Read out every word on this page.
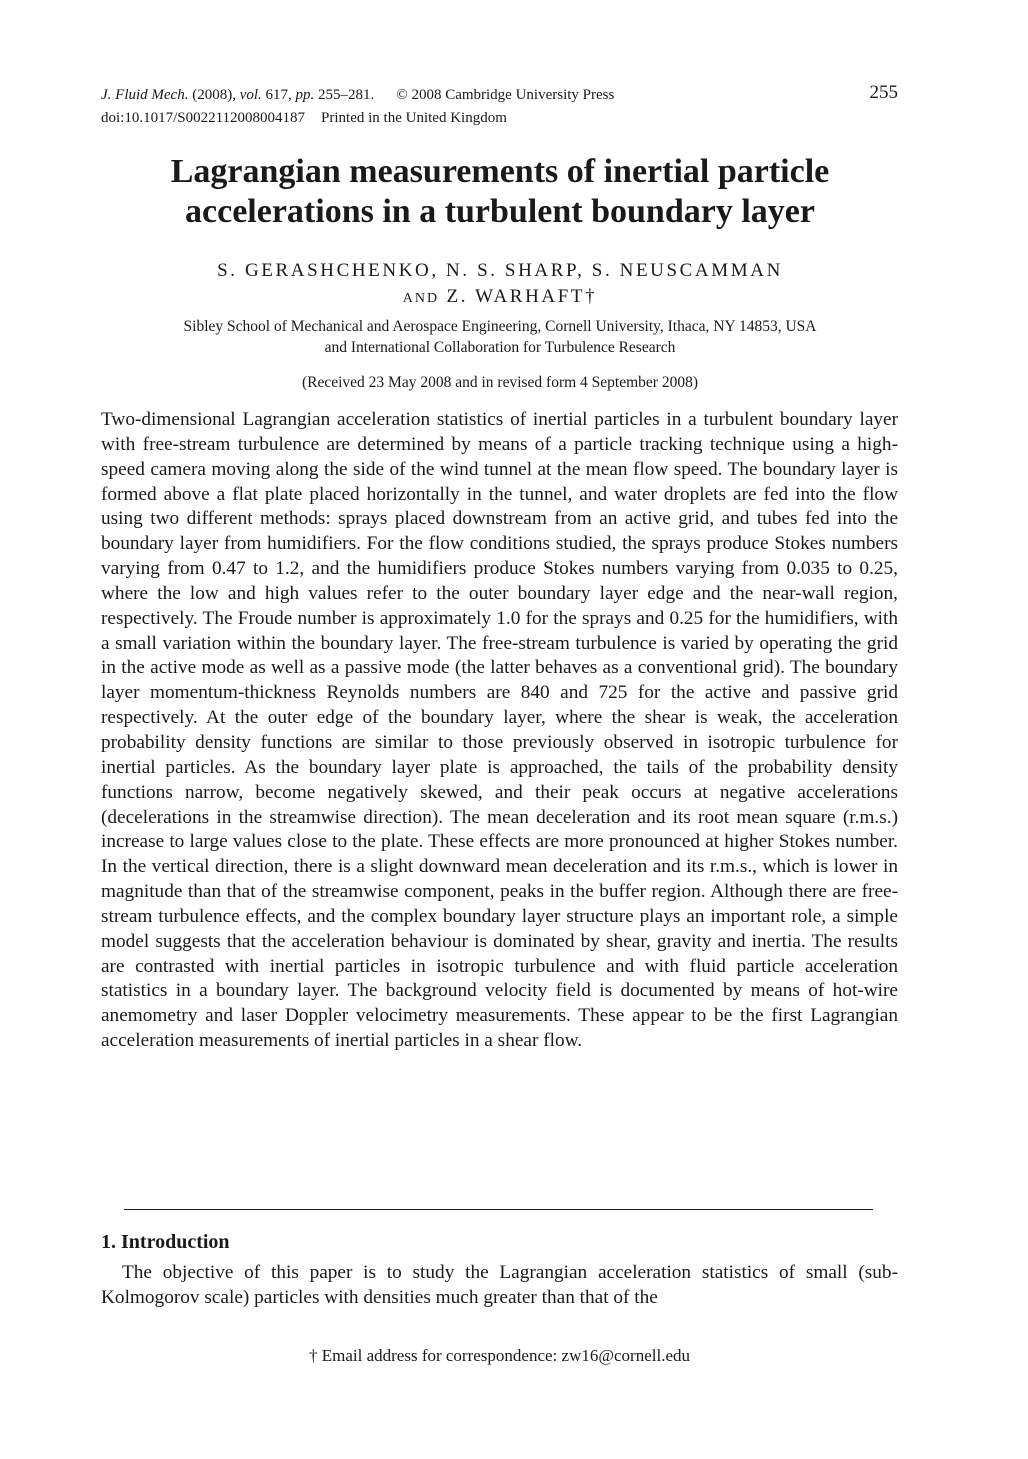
J. Fluid Mech. (2008), vol. 617, pp. 255–281. © 2008 Cambridge University Press
doi:10.1017/S0022112008004187 Printed in the United Kingdom
255
Lagrangian measurements of inertial particle accelerations in a turbulent boundary layer
S. GERASHCHENKO, N. S. SHARP, S. NEUSCAMMAN
AND Z. WARHAFT†
Sibley School of Mechanical and Aerospace Engineering, Cornell University, Ithaca, NY 14853, USA
and International Collaboration for Turbulence Research

(Received 23 May 2008 and in revised form 4 September 2008)

Two-dimensional Lagrangian acceleration statistics of inertial particles in a turbulent boundary layer with free-stream turbulence are determined by means of a particle tracking technique using a high-speed camera moving along the side of the wind tunnel at the mean flow speed. The boundary layer is formed above a flat plate placed horizontally in the tunnel, and water droplets are fed into the flow using two different methods: sprays placed downstream from an active grid, and tubes fed into the boundary layer from humidifiers. For the flow conditions studied, the sprays produce Stokes numbers varying from 0.47 to 1.2, and the humidifiers produce Stokes numbers varying from 0.035 to 0.25, where the low and high values refer to the outer boundary layer edge and the near-wall region, respectively. The Froude number is approximately 1.0 for the sprays and 0.25 for the humidifiers, with a small variation within the boundary layer. The free-stream turbulence is varied by operating the grid in the active mode as well as a passive mode (the latter behaves as a conventional grid). The boundary layer momentum-thickness Reynolds numbers are 840 and 725 for the active and passive grid respectively. At the outer edge of the boundary layer, where the shear is weak, the acceleration probability density functions are similar to those previously observed in isotropic turbulence for inertial particles. As the boundary layer plate is approached, the tails of the probability density functions narrow, become negatively skewed, and their peak occurs at negative accelerations (decelerations in the streamwise direction). The mean deceleration and its root mean square (r.m.s.) increase to large values close to the plate. These effects are more pronounced at higher Stokes number. In the vertical direction, there is a slight downward mean deceleration and its r.m.s., which is lower in magnitude than that of the streamwise component, peaks in the buffer region. Although there are free-stream turbulence effects, and the complex boundary layer structure plays an important role, a simple model suggests that the acceleration behaviour is dominated by shear, gravity and inertia. The results are contrasted with inertial particles in isotropic turbulence and with fluid particle acceleration statistics in a boundary layer. The background velocity field is documented by means of hot-wire anemometry and laser Doppler velocimetry measurements. These appear to be the first Lagrangian acceleration measurements of inertial particles in a shear flow.

1. Introduction

The objective of this paper is to study the Lagrangian acceleration statistics of small (sub-Kolmogorov scale) particles with densities much greater than that of the

† Email address for correspondence: zw16@cornell.edu
